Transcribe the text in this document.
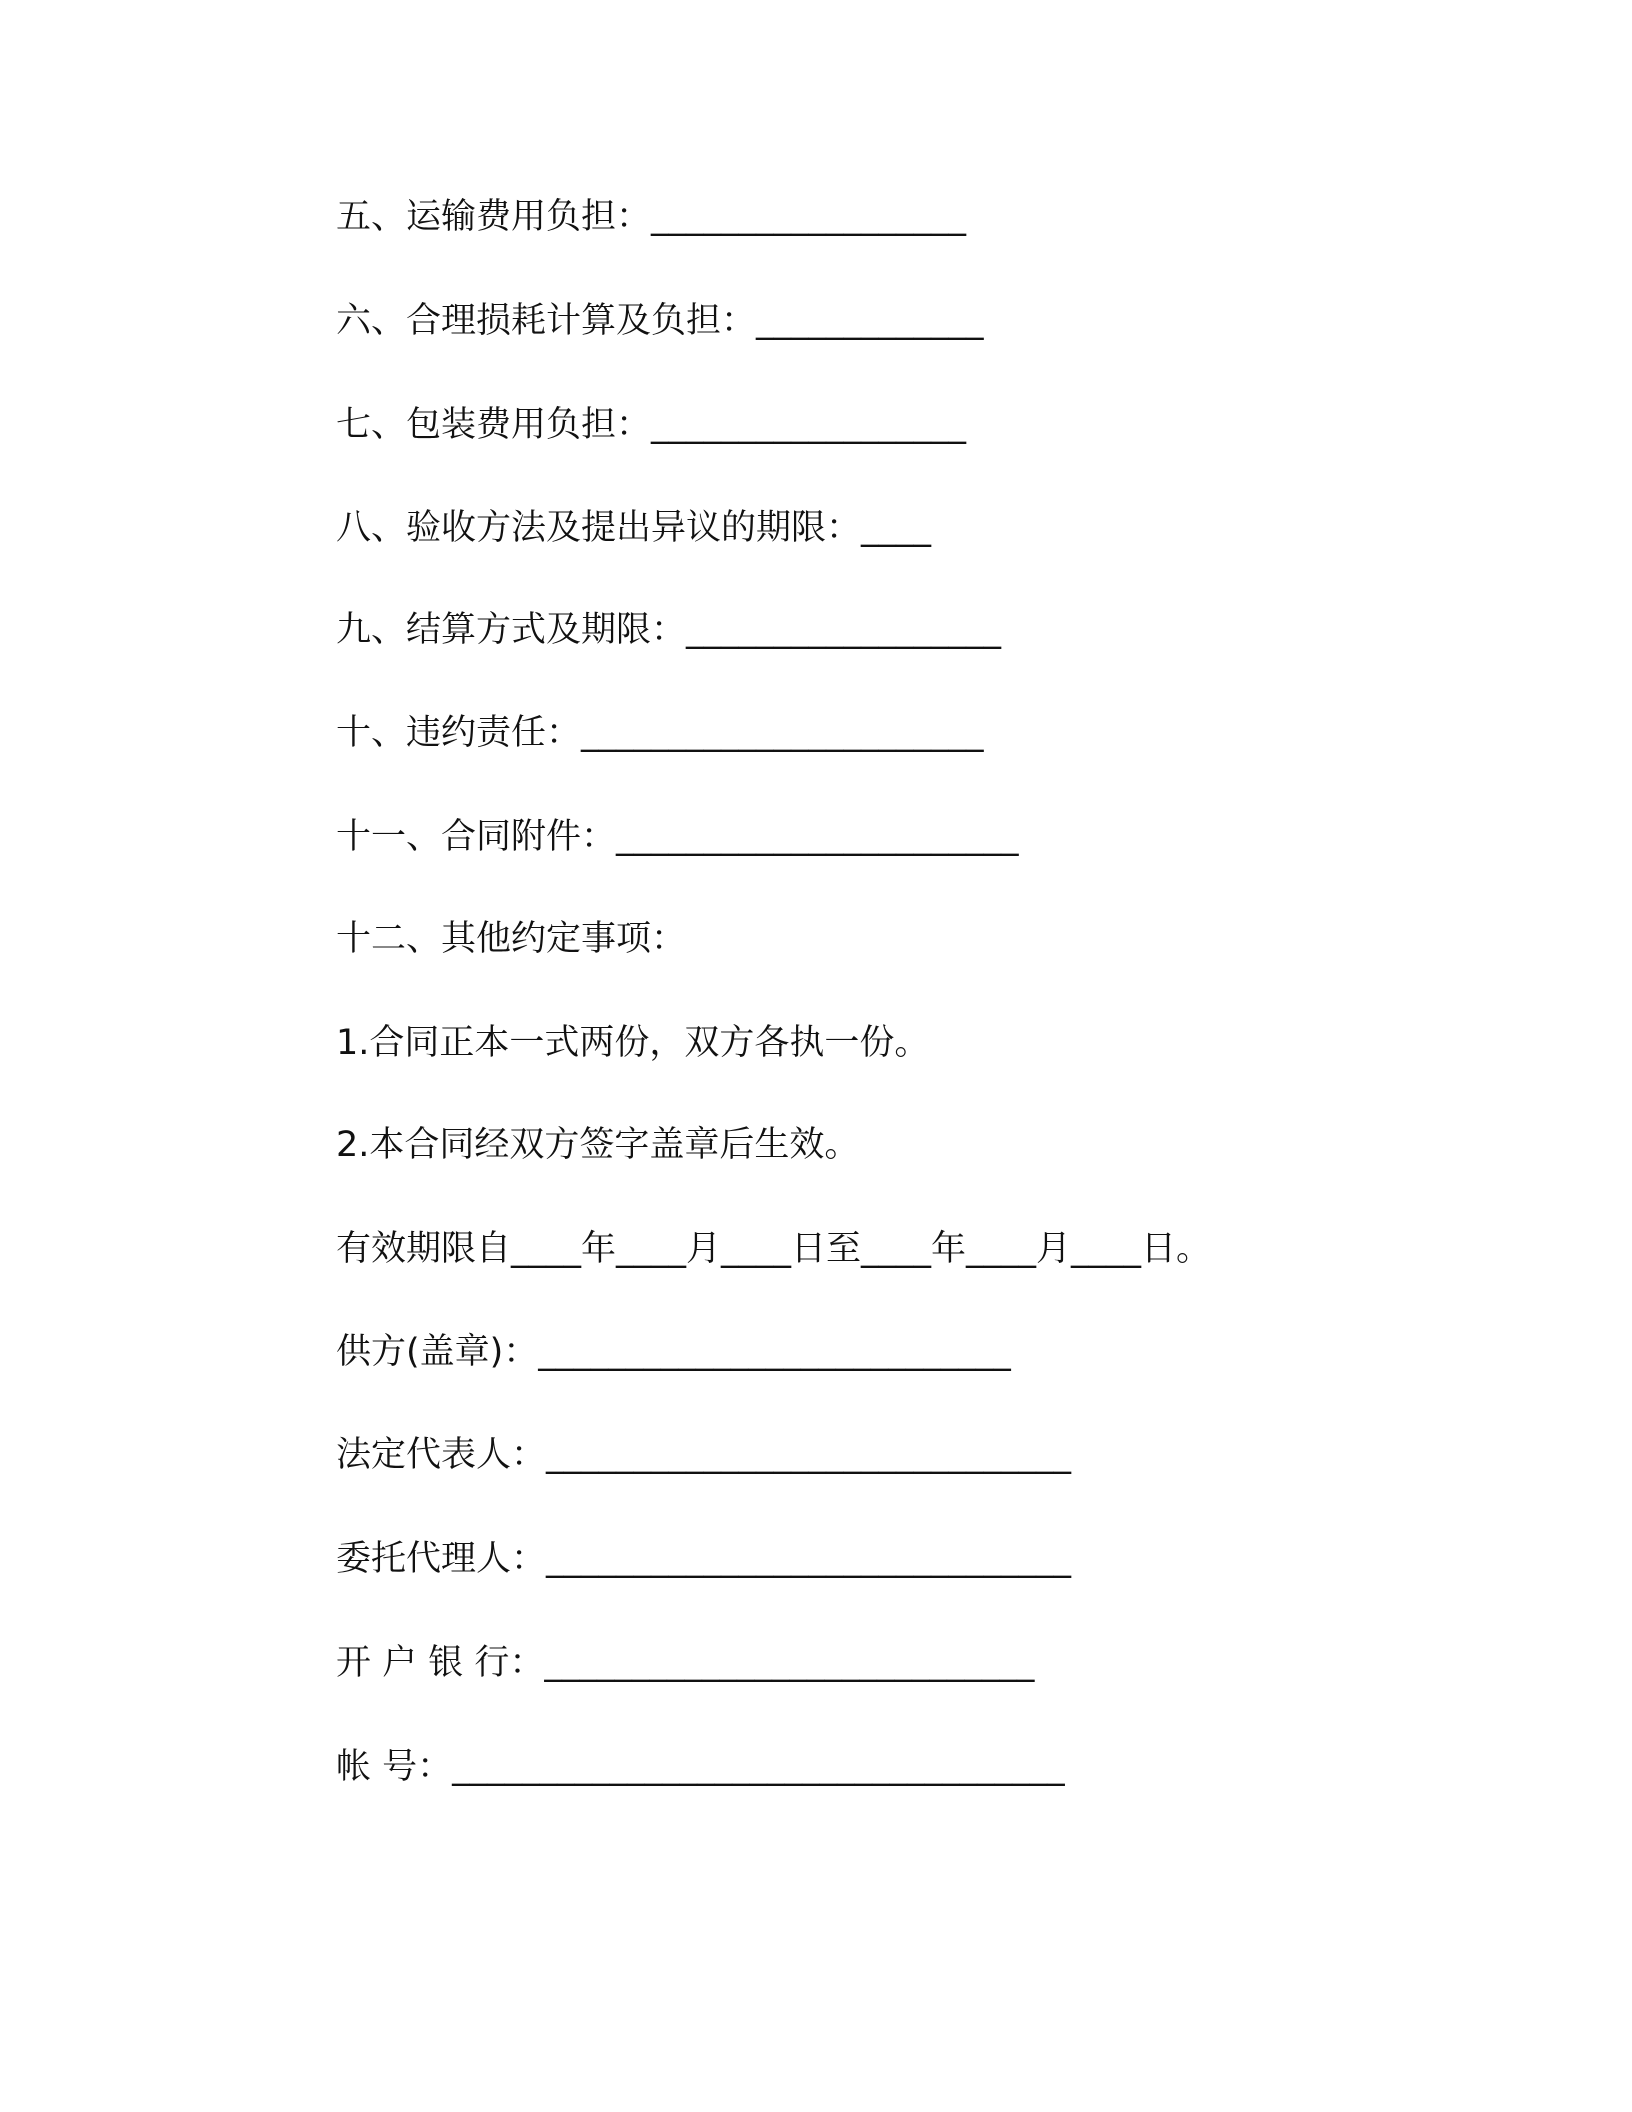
五、运输费用负担：__________________
六、合理损耗计算及负担：_____________
七、包装费用负担：__________________
八、验收方法及提出异议的期限：____
九、结算方式及期限：__________________
十、违约责任：_______________________
十一、合同附件：_______________________
十二、其他约定事项：
1.合同正本一式两份，双方各执一份。
2.本合同经双方签字盖章后生效。
有效期限自____年____月____日至____年____月____日。
供方(盖章)：___________________________
法定代表人：______________________________
委托代理人：______________________________
开 户 银 行：____________________________
帐 号：___________________________________
